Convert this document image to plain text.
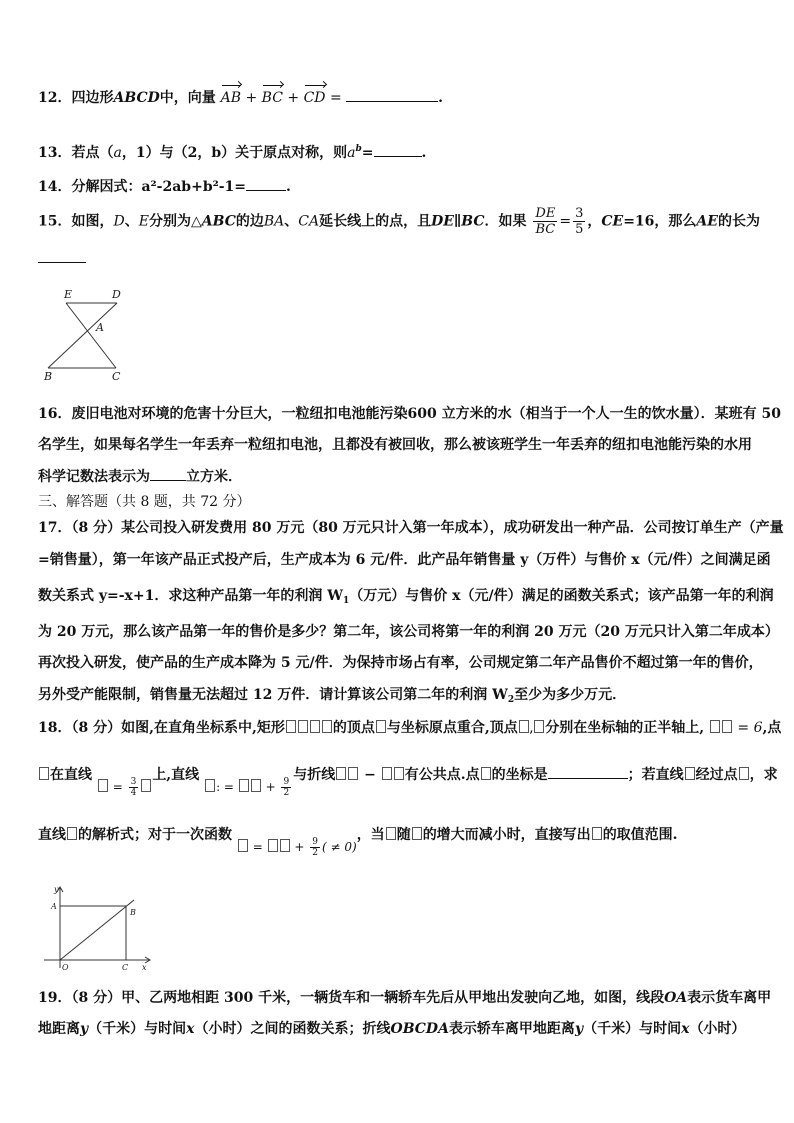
12．四边形ABCD中，向量 AB + BC + CD =	.
13．若点（a，1）与（2，b）关于原点对称，则$a^b=$	.
14．分解因式：a²-2ab+b²-1=	.
15．如图，D、E分别为△ABC的边BA、CA延长线上的点，且DE∥BC．如果 $\frac{DE}{BC} = \frac{3}{5}$ ，CE=16，那么AE的长为
E	D
A
B	C
16．废旧电池对环境的危害十分巨大，一粒纽扣电池能污染600 立方米的水（相当于一个人一生的饮水量）．某班有 50
名学生，如果每名学生一年丢弃一粒纽扣电池，且都没有被回收，那么被该班学生一年丢弃的纽扣电池能污染的水用
科学记数法表示为	立方米．
三、解答题（共 8 题，共 72 分）
17．（8 分）某公司投入研发费用 80 万元（80 万元只计入第一年成本），成功研发出一种产品．公司按订单生产（产量
=销售量），第一年该产品正式投产后，生产成本为 6 元/件．此产品年销售量 y（万件）与售价 x（元/件）之间满足函
数关系式 y=-x+1．求这种产品第一年的利润 $W_1$（万元）与售价 x（元/件）满足的函数关系式；该产品第一年的利润
为 20 万元，那么该产品第一年的售价是多少？第二年，该公司将第一年的利润 20 万元（20 万元只计入第二年成本）
再次投入研发，使产品的生产成本降为 5 元/件．为保持市场占有率，公司规定第二年产品售价不超过第一年的售价，
另外受产能限制，销售量无法超过 12 万件．请计算该公司第二年的利润 $W_2$至少为多少万元．
18．（8 分）如图,在直角坐标系中,矩形	的顶点 与坐标原点重合,顶点 , 分别在坐标轴的正半轴上, = 6,点
在直线  = $\frac{3}{4}$
上,直线 : =  + $\frac{9}{2}$
与折线 − 有公共点.点 的坐标是	；若直线 经过点 ，求
直线 的解析式；对于一次函数  =  + $\frac{9}{2}$ ( ≠ 0)，当 随 的增大而减小时，直接写出 的取值范围.
y
A
B
O	C x
19．（8 分）甲、乙两地相距 300 千米，一辆货车和一辆轿车先后从甲地出发驶向乙地，如图，线段OA表示货车离甲
地距离y（千米）与时间x（小时）之间的函数关系；折线OBCDA表示轿车离甲地距离y（千米）与时间x（小时）
